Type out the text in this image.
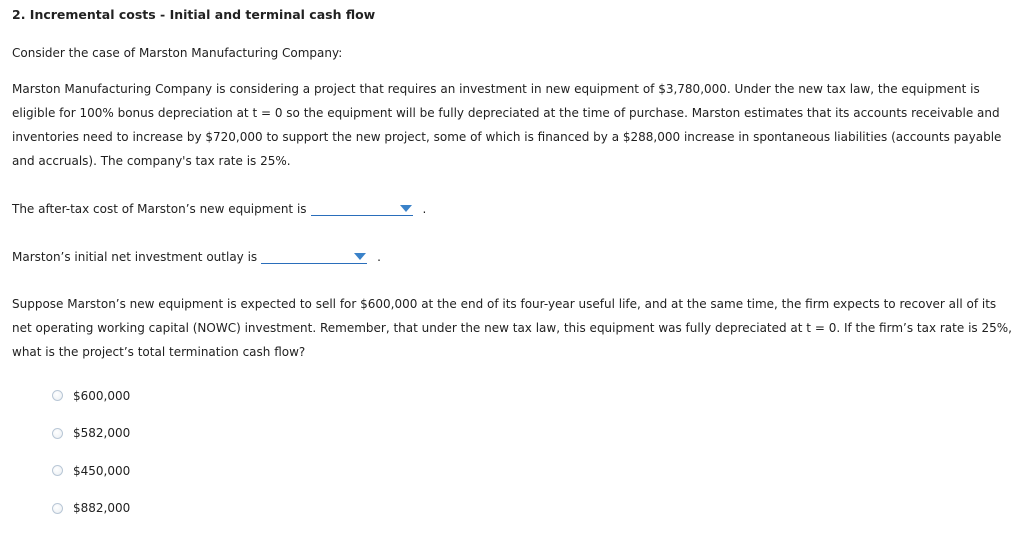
2. Incremental costs - Initial and terminal cash flow
Consider the case of Marston Manufacturing Company:
Marston Manufacturing Company is considering a project that requires an investment in new equipment of $3,780,000. Under the new tax law, the equipment is eligible for 100% bonus depreciation at t = 0 so the equipment will be fully depreciated at the time of purchase. Marston estimates that its accounts receivable and inventories need to increase by $720,000 to support the new project, some of which is financed by a $288,000 increase in spontaneous liabilities (accounts payable and accruals). The company's tax rate is 25%.
The after-tax cost of Marston’s new equipment is	.
Marston’s initial net investment outlay is	.
Suppose Marston’s new equipment is expected to sell for $600,000 at the end of its four-year useful life, and at the same time, the firm expects to recover all of its net operating working capital (NOWC) investment. Remember, that under the new tax law, this equipment was fully depreciated at t = 0. If the firm’s tax rate is 25%, what is the project’s total termination cash flow?
$600,000
$582,000
$450,000
$882,000
